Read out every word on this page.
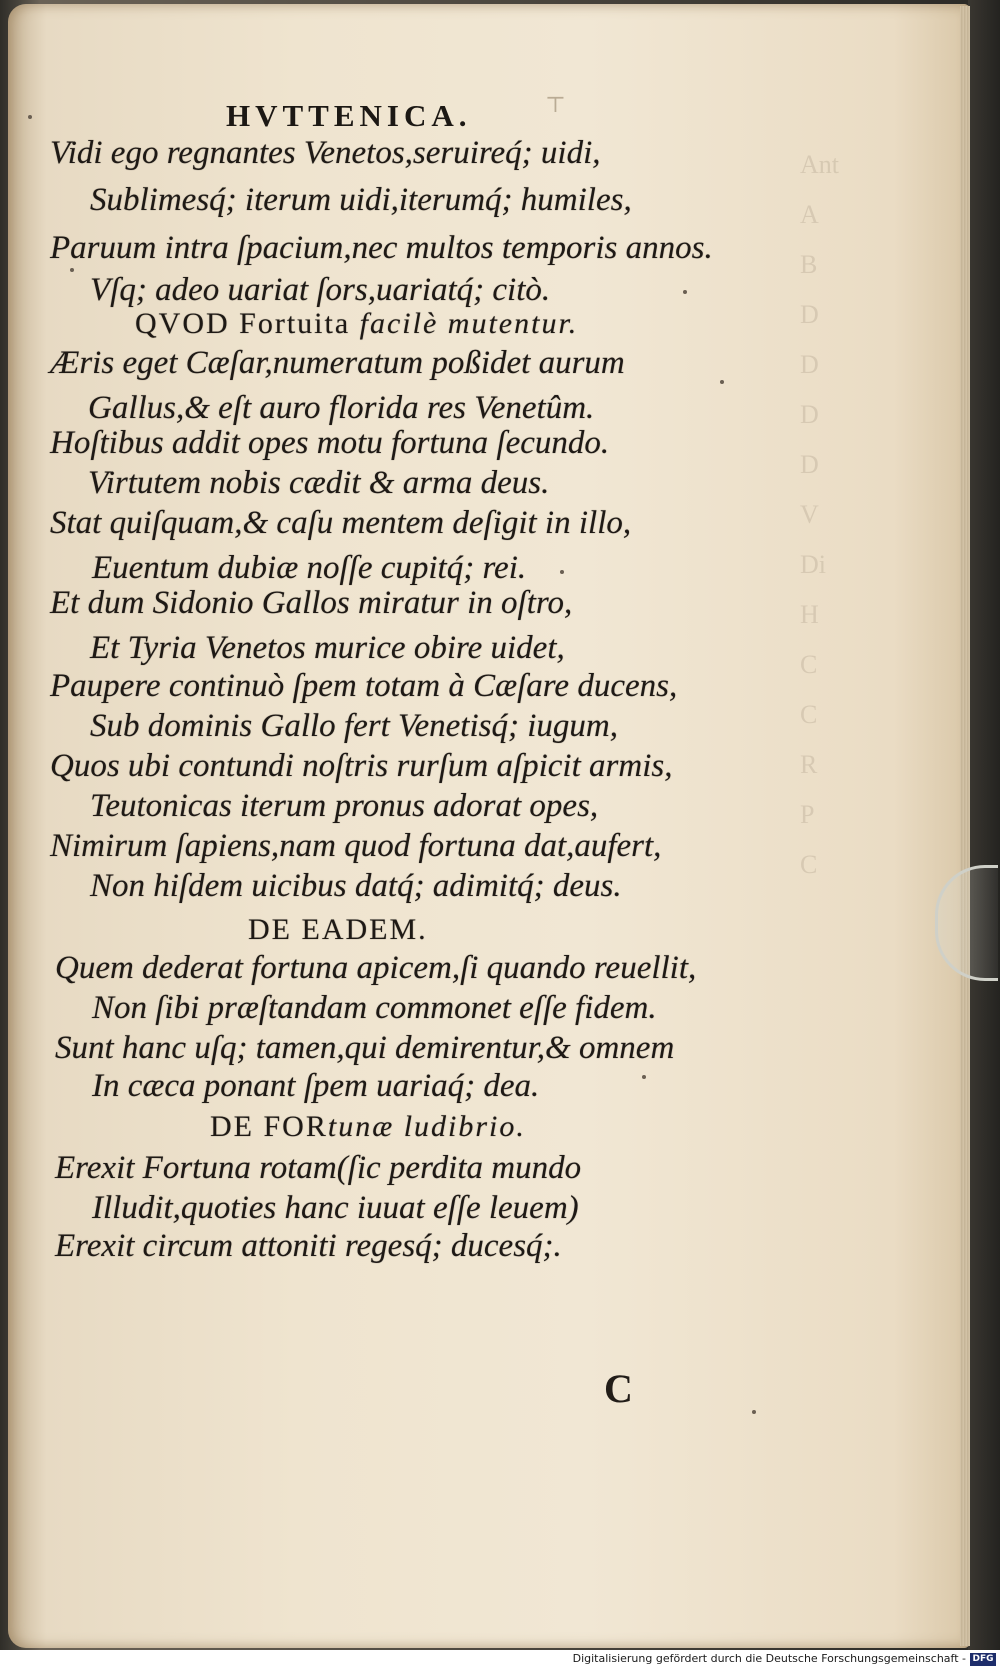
Ant
A
B
D
D
D
D
V
Di
H
C
C
R
P
C
HVTTENICA.	⊤
Vidi ego regnantes Venetos,seruireq́; uidi,
Sublimesq́; iterum uidi,iterumq́; humiles,
Paruum intra ſpacium,nec multos temporis annos.
Vſq; adeo uariat ſors,uariatq́; citò.
QVOD Fortuita facilè mutentur.
Æris eget Cæſar,numeratum poßidet aurum
Gallus,& eſt auro florida res Venetûm.
Hoſtibus addit opes motu fortuna ſecundo.
Virtutem nobis cædit & arma deus.
Stat quiſquam,& caſu mentem deſigit in illo,
Euentum dubiæ noſſe cupitq́; rei.
Et dum Sidonio Gallos miratur in oſtro,
Et Tyria Venetos murice obire uidet,
Paupere continuò ſpem totam à Cæſare ducens,
Sub dominis Gallo fert Venetisq́; iugum,
Quos ubi contundi noſtris rurſum aſpicit armis,
Teutonicas iterum pronus adorat opes,
Nimirum ſapiens,nam quod fortuna dat,aufert,
Non hiſdem uicibus datq́; adimitq́; deus.
DE EADEM.
Quem dederat fortuna apicem,ſi quando reuellit,
Non ſibi præſtandam commonet eſſe fidem.
Sunt hanc uſq; tamen,qui demirentur,& omnem
In cæca ponant ſpem uariaq́; dea.
DE FORtunæ ludibrio.
Erexit Fortuna rotam(ſic perdita mundo
Illudit,quoties hanc iuuat eſſe leuem)
Erexit circum attoniti regesq́; ducesq́;.
C
Digitalisierung gefördert durch die Deutsche Forschungsgemeinschaft - DFG
